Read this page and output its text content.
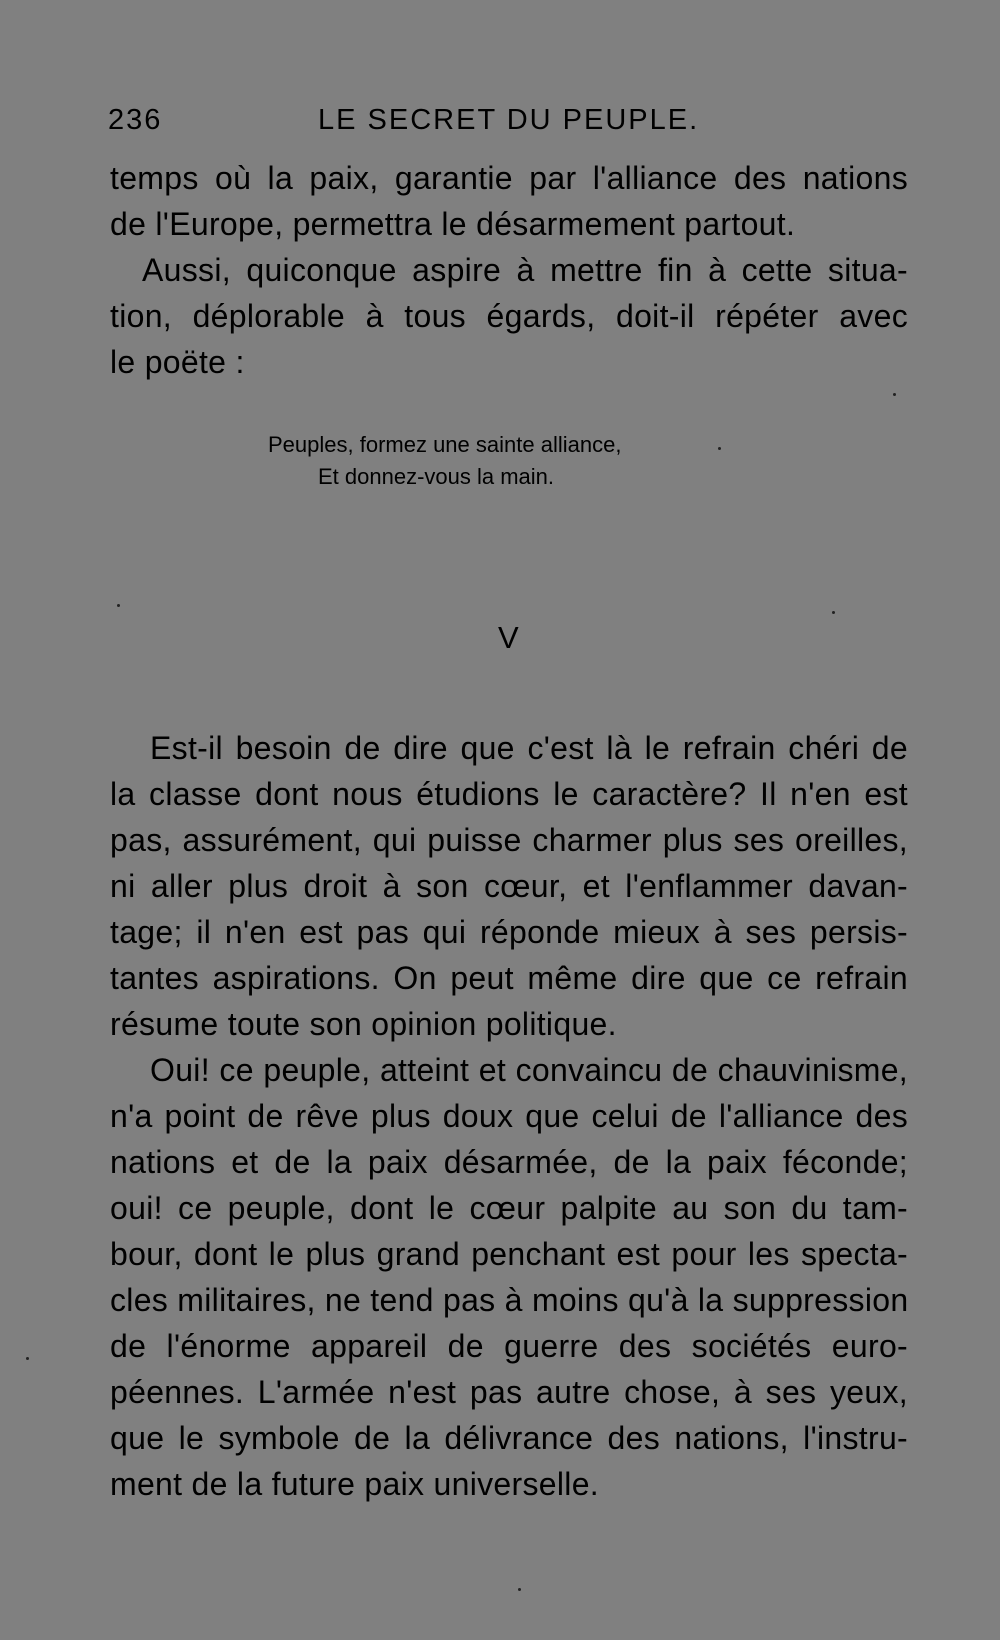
236	LE SECRET DU PEUPLE.
temps où la paix, garantie par l'alliance des nations
de l'Europe, permettra le désarmement partout.
Aussi, quiconque aspire à mettre fin à cette situa-
tion, déplorable à tous égards, doit-il répéter avec
le poëte :
Peuples, formez une sainte alliance,
Et donnez-vous la main.
V
Est-il besoin de dire que c'est là le refrain chéri de
la classe dont nous étudions le caractère? Il n'en est
pas, assurément, qui puisse charmer plus ses oreilles,
ni aller plus droit à son cœur, et l'enflammer davan-
tage; il n'en est pas qui réponde mieux à ses persis-
tantes aspirations. On peut même dire que ce refrain
résume toute son opinion politique.
Oui! ce peuple, atteint et convaincu de chauvinisme,
n'a point de rêve plus doux que celui de l'alliance des
nations et de la paix désarmée, de la paix féconde;
oui! ce peuple, dont le cœur palpite au son du tam-
bour, dont le plus grand penchant est pour les specta-
cles militaires, ne tend pas à moins qu'à la suppression
de l'énorme appareil de guerre des sociétés euro-
péennes. L'armée n'est pas autre chose, à ses yeux,
que le symbole de la délivrance des nations, l'instru-
ment de la future paix universelle.
